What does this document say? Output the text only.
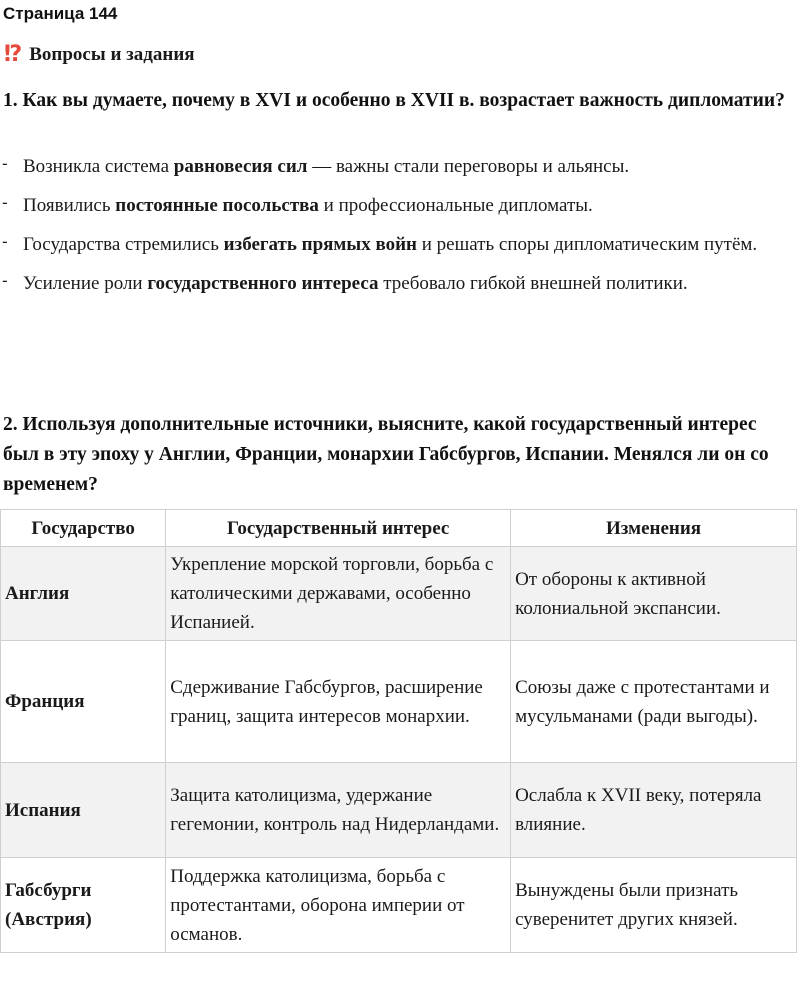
Страница 144
⁉ Вопросы и задания
1. Как вы думаете, почему в XVI и особенно в XVII в. возрастает важность дипломатии?
- Возникла система равновесия сил — важны стали переговоры и альянсы.
- Появились постоянные посольства и профессиональные дипломаты.
- Государства стремились избегать прямых войн и решать споры дипломатическим путём.
- Усиление роли государственного интереса требовало гибкой внешней политики.
2. Используя дополнительные источники, выясните, какой государственный интерес был в эту эпоху у Англии, Франции, монархии Габсбургов, Испании. Менялся ли он со временем?
Государство	Государственный интерес	Изменения
Англия	Укрепление морской торговли, борьба с католическими державами, особенно Испанией.	От обороны к активной колониальной экспансии.
Франция	Сдерживание Габсбургов, расширение границ, защита интересов монархии.	Союзы даже с протестантами и мусульманами (ради выгоды).
Испания	Защита католицизма, удержание гегемонии, контроль над Нидерландами.	Ослабла к XVII веку, потеряла влияние.
Габсбурги (Австрия)	Поддержка католицизма, борьба с протестантами, оборона империи от османов.	Вынуждены были признать суверенитет других князей.
